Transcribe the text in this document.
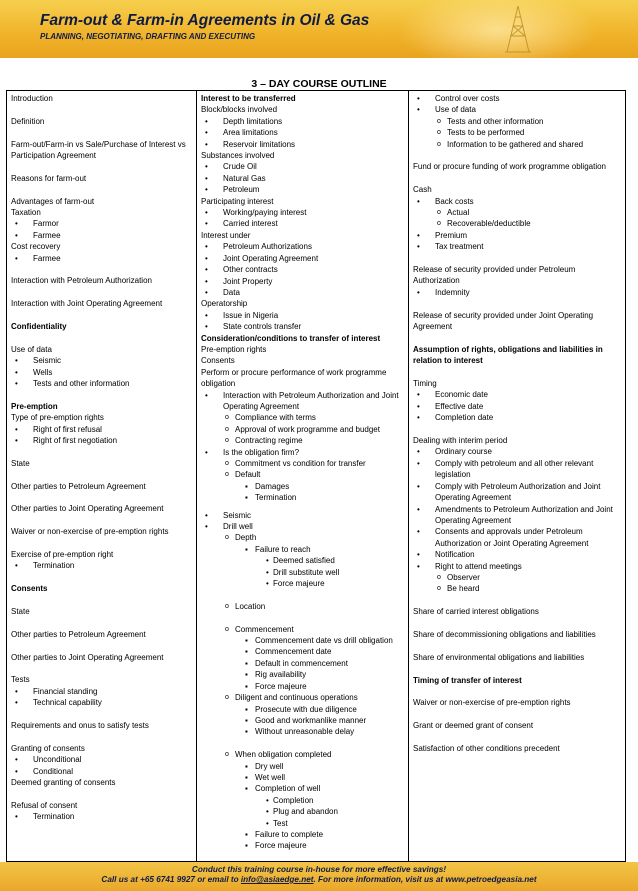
Farm-out & Farm-in Agreements in Oil & Gas
PLANNING, NEGOTIATING, DRAFTING AND EXECUTING
3 – DAY COURSE OUTLINE

Introduction

Definition

Farm-out/Farm-in vs Sale/Purchase of Interest vs Participation Agreement

Reasons for farm-out

Advantages of farm-out

Taxation

• Farmor

• Farmee

Cost recovery

• Farmee

Interaction with Petroleum Authorization

Interaction with Joint Operating Agreement

Confidentiality

Use of data

• Seismic

• Wells

• Tests and other information

Pre-emption

Type of pre-emption rights

• Right of first refusal

• Right of first negotiation

State

Other parties to Petroleum Agreement

Other parties to Joint Operating Agreement

Waiver or non-exercise of pre-emption rights

Exercise of pre-emption right

• Termination

Consents

State

Other parties to Petroleum Agreement

Other parties to Joint Operating Agreement

Tests

• Financial standing

• Technical capability

Requirements and onus to satisfy tests

Granting of consents

• Unconditional

• Conditional

Deemed granting of consents

Refusal of consent

• Termination

Interest to be transferred

Block/blocks involved

• Depth limitations

• Area limitations

• Reservoir limitations

Substances involved

• Crude Oil

• Natural Gas

• Petroleum

Participating interest

• Working/paying interest

• Carried interest

Interest under

• Petroleum Authorizations

• Joint Operating Agreement

• Other contracts

• Joint Property

• Data

Operatorship

• Issue in Nigeria

• State controls transfer

Consideration/conditions to transfer of interest

Pre-emption rights

Consents

Perform or procure performance of work programme obligation

• Interaction with Petroleum Authorization and Joint Operating Agreement

o Compliance with terms

o Approval of work programme and budget

o Contracting regime

• Is the obligation firm?

o Commitment vs condition for transfer

o Default

▪ Damages

▪ Termination

• Seismic

• Drill well

o Depth

▪ Failure to reach

• Deemed satisfied

• Drill substitute well

• Force majeure

o Location

o Commencement

▪ Commencement date vs drill obligation

▪ Commencement date

▪ Default in commencement

▪ Rig availability

▪ Force majeure

o Diligent and continuous operations

▪ Prosecute with due diligence

▪ Good and workmanlike manner

▪ Without unreasonable delay

o When obligation completed

▪ Dry well

▪ Wet well

▪ Completion of well

• Completion

• Plug and abandon

• Test

▪ Failure to complete

▪ Force majeure

• Control over costs

• Use of data

o Tests and other information

o Tests to be performed

o Information to be gathered and shared

Fund or procure funding of work programme obligation

Cash

• Back costs

o Actual

o Recoverable/deductible

• Premium

• Tax treatment

Release of security provided under Petroleum Authorization

• Indemnity

Release of security provided under Joint Operating Agreement

Assumption of rights, obligations and liabilities in relation to interest

Timing

• Economic date

• Effective date

• Completion date

Dealing with interim period

• Ordinary course

• Comply with petroleum and all other relevant legislation

• Comply with Petroleum Authorization and Joint Operating Agreement

• Amendments to Petroleum Authorization and Joint Operating Agreement

• Consents and approvals under Petroleum Authorization or Joint Operating Agreement

• Notification

• Right to attend meetings

o Observer

o Be heard

Share of carried interest obligations

Share of decommissioning obligations and liabilities

Share of environmental obligations and liabilities

Timing of transfer of interest

Waiver or non-exercise of pre-emption rights

Grant or deemed grant of consent

Satisfaction of other conditions precedent

Conduct this training course in-house for more effective savings!
Call us at +65 6741 9927 or email to info@asiaedge.net. For more information, visit us at www.petroedgeasia.net
